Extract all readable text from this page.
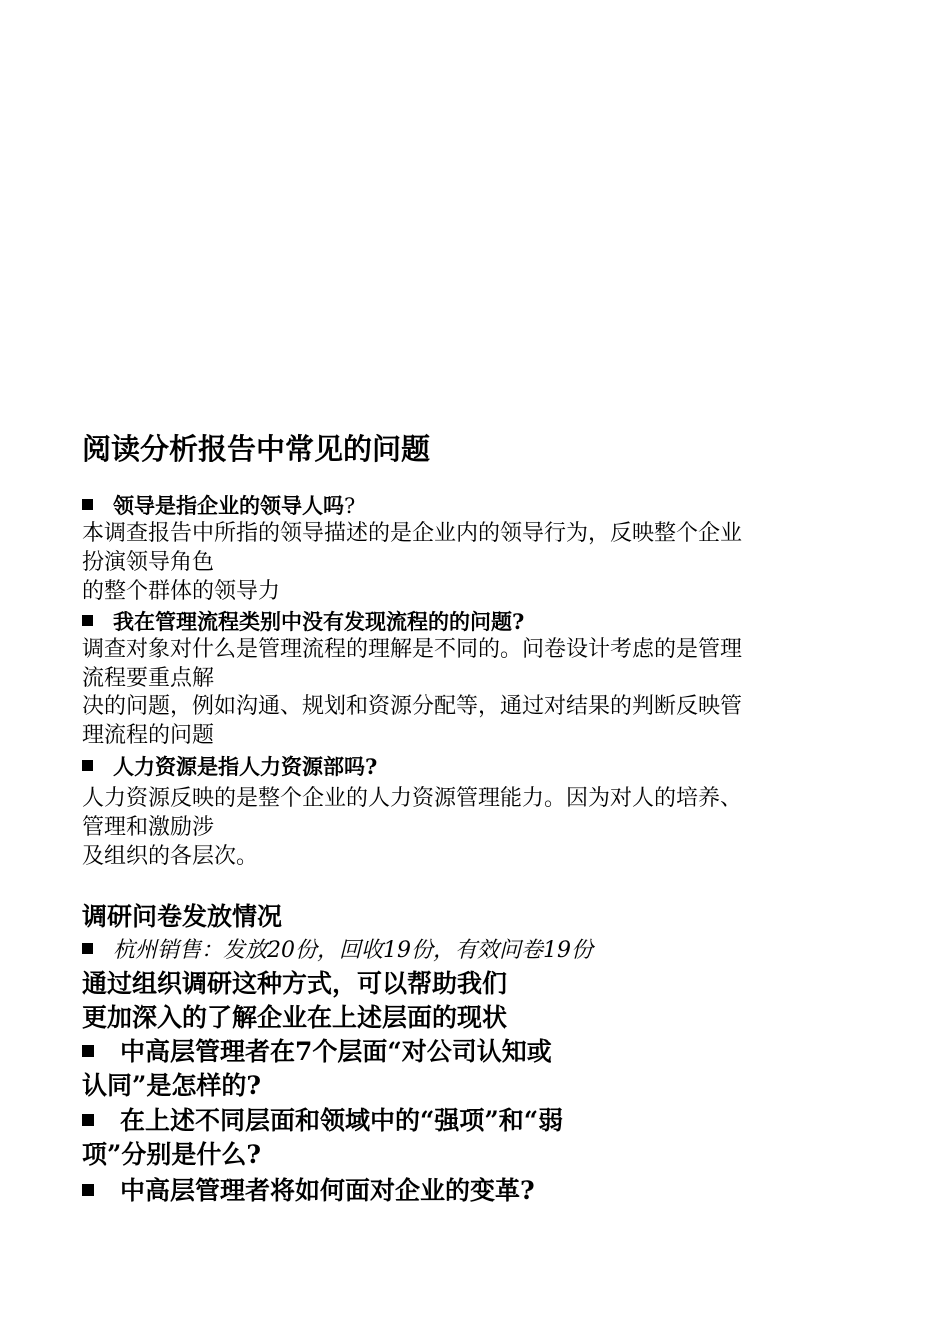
阅读分析报告中常见的问题
领导是指企业的领导人吗?
本调查报告中所指的领导描述的是企业内的领导行为，反映整个企业
扮演领导角色
的整个群体的领导力
我在管理流程类别中没有发现流程的的问题?
调查对象对什么是管理流程的理解是不同的。问卷设计考虑的是管理
流程要重点解
决的问题，例如沟通、规划和资源分配等，通过对结果的判断反映管
理流程的问题
人力资源是指人力资源部吗?
人力资源反映的是整个企业的人力资源管理能力。因为对人的培养、
管理和激励涉
及组织的各层次。
调研问卷发放情况
杭州销售：发放20份，回收19份，有效问卷19份
通过组织调研这种方式，可以帮助我们
更加深入的了解企业在上述层面的现状
中高层管理者在7个层面“对公司认知或
认同”是怎样的?
在上述不同层面和领域中的“强项”和“弱
项”分别是什么?
中高层管理者将如何面对企业的变革?
